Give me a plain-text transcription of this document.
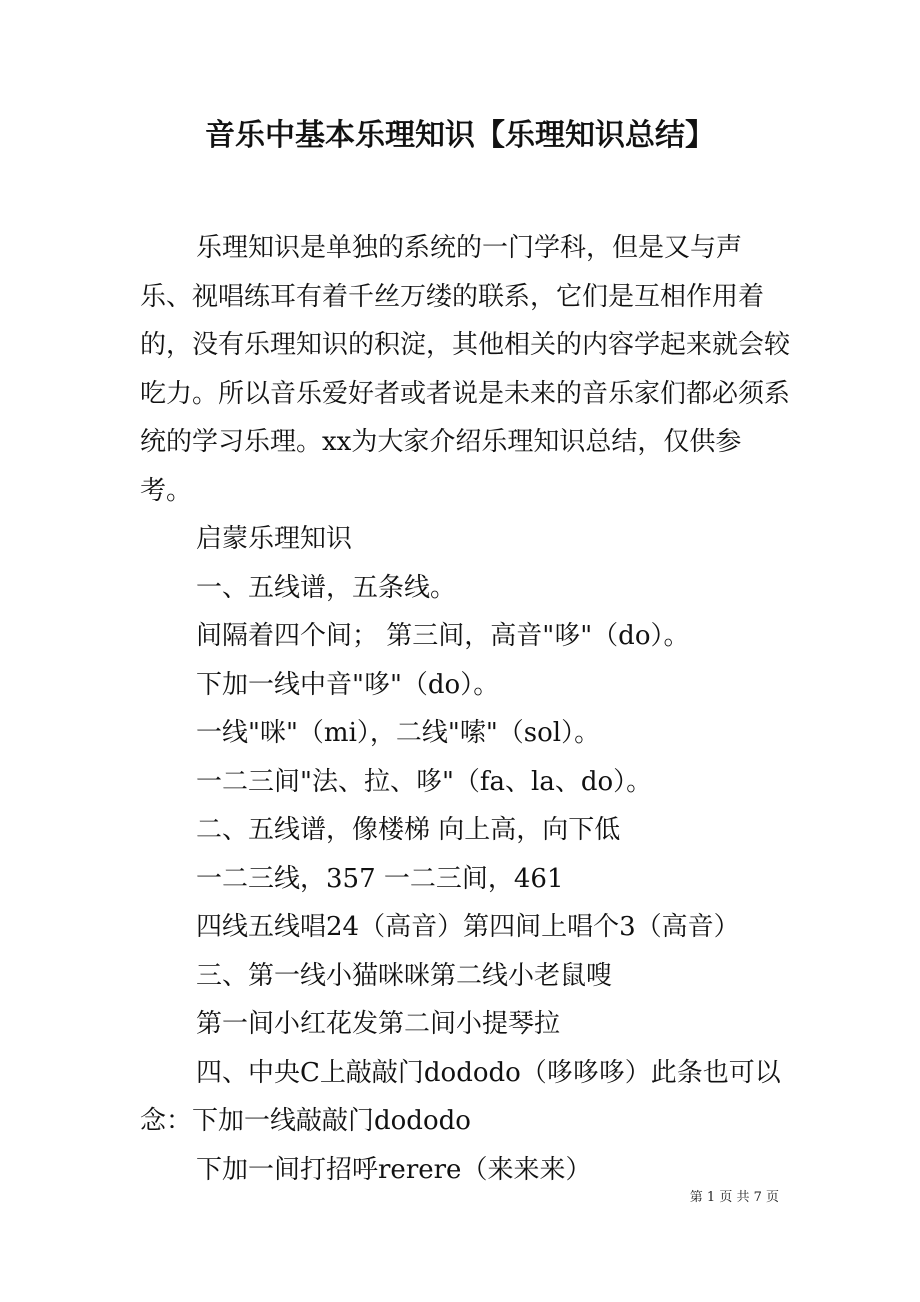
音乐中基本乐理知识【乐理知识总结】

乐理知识是单独的系统的一门学科，但是又与声乐、视唱练耳有着千丝万缕的联系，它们是互相作用着的，没有乐理知识的积淀，其他相关的内容学起来就会较吃力。所以音乐爱好者或者说是未来的音乐家们都必须系统的学习乐理。xx为大家介绍乐理知识总结，仅供参考。

启蒙乐理知识

一、五线谱，五条线。

间隔着四个间； 第三间，高音"哆"（do）。

下加一线中音"哆"（do）。

一线"咪"（mi），二线"嗦"（sol）。

一二三间"法、拉、哆"（fa、la、do）。

二、五线谱，像楼梯 向上高，向下低

一二三线，357 一二三间，461

四线五线唱24（高音）第四间上唱个3（高音）

三、第一线小猫咪咪第二线小老鼠嗖

第一间小红花发第二间小提琴拉

四、中央C上敲敲门dododo（哆哆哆）此条也可以念：下加一线敲敲门dododo

下加一间打招呼rerere（来来来）

第 1 页 共 7 页
